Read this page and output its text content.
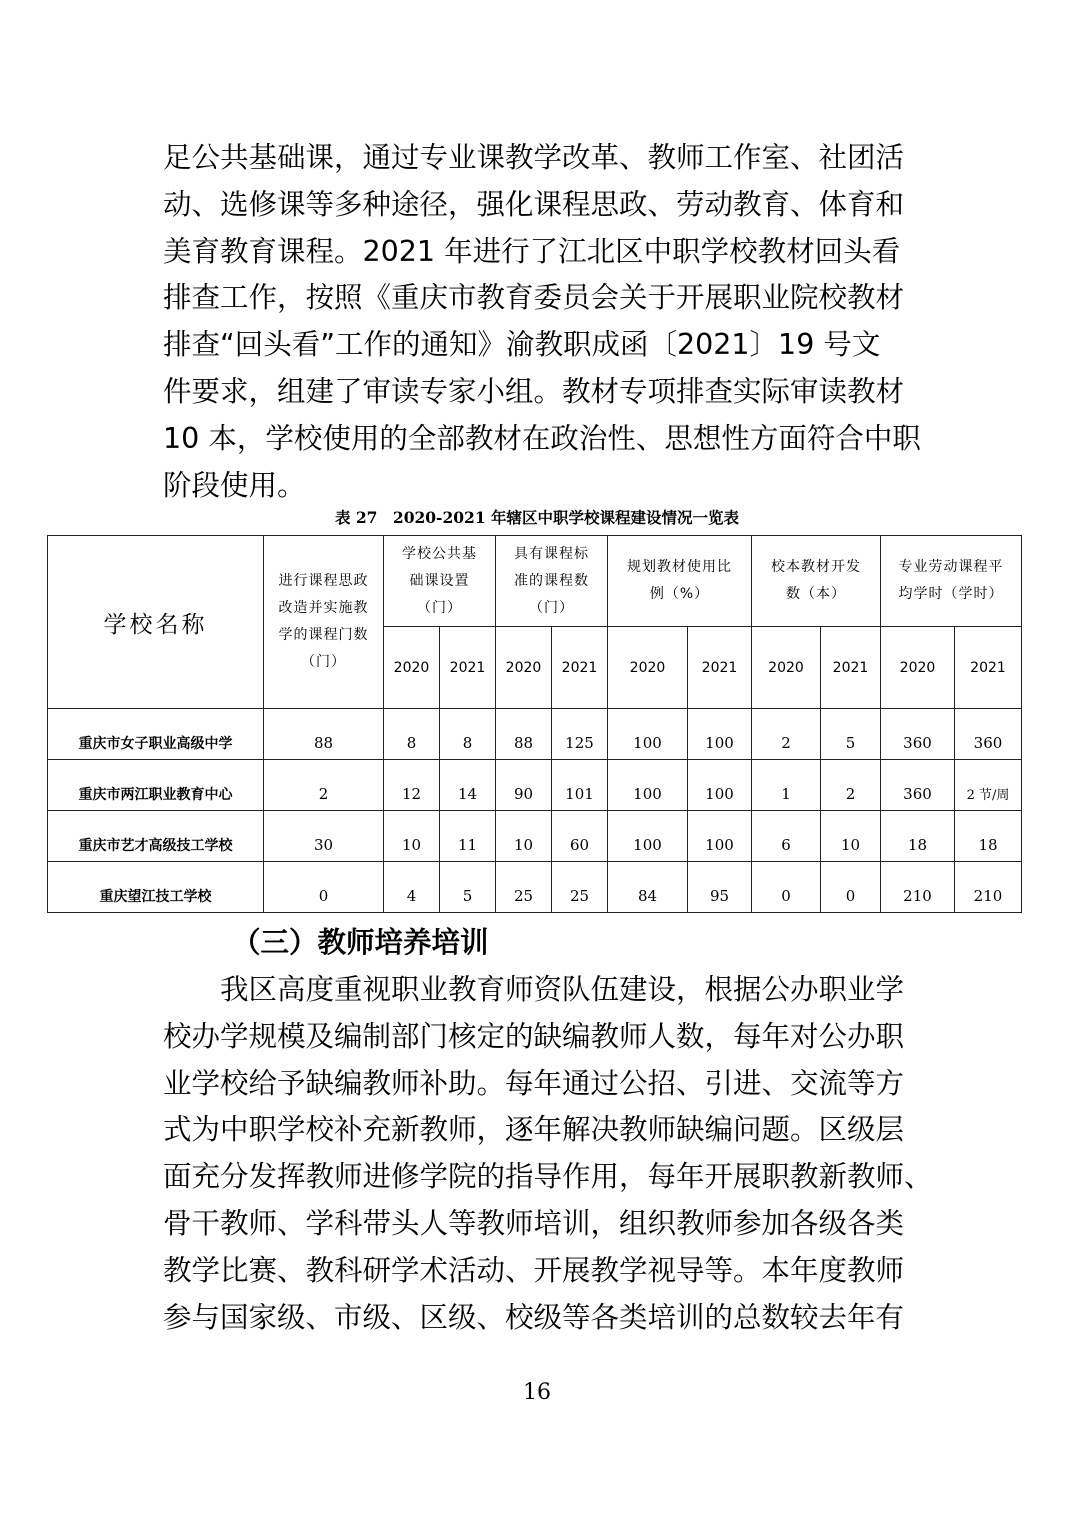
足公共基础课，通过专业课教学改革、教师工作室、社团活
动、选修课等多种途径，强化课程思政、劳动教育、体育和
美育教育课程。2021 年进行了江北区中职学校教材回头看
排查工作，按照《重庆市教育委员会关于开展职业院校教材
排查“回头看”工作的通知》渝教职成函〔2021〕19 号文
件要求，组建了审读专家小组。教材专项排查实际审读教材
10 本，学校使用的全部教材在政治性、思想性方面符合中职
阶段使用。
表 27　2020-2021 年辖区中职学校课程建设情况一览表
学校名称	进行课程思政
改造并实施教
学的课程门数
（门）	学校公共基
础课设置
（门）		具有课程标
准的课程数
（门）		规划教材使用比
例（%）		校本教材开发
数（本）		专业劳动课程平
均学时（学时）	

		2020	2021	2020	2021	2020	2021	2020	2021	2020	2021
重庆市女子职业高级中学	88	8	8	88	125	100	100	2	5	360	360
重庆市两江职业教育中心	2	12	14	90	101	100	100	1	2	360	2 节/周
重庆市艺才高级技工学校	30	10	11	10	60	100	100	6	10	18	18
重庆望江技工学校	0	4	5	25	25	84	95	0	0	210	210
（三）教师培养培训
　　我区高度重视职业教育师资队伍建设，根据公办职业学
校办学规模及编制部门核定的缺编教师人数，每年对公办职
业学校给予缺编教师补助。每年通过公招、引进、交流等方
式为中职学校补充新教师，逐年解决教师缺编问题。区级层
面充分发挥教师进修学院的指导作用，每年开展职教新教师、
骨干教师、学科带头人等教师培训，组织教师参加各级各类
教学比赛、教科研学术活动、开展教学视导等。本年度教师
参与国家级、市级、区级、校级等各类培训的总数较去年有
16
